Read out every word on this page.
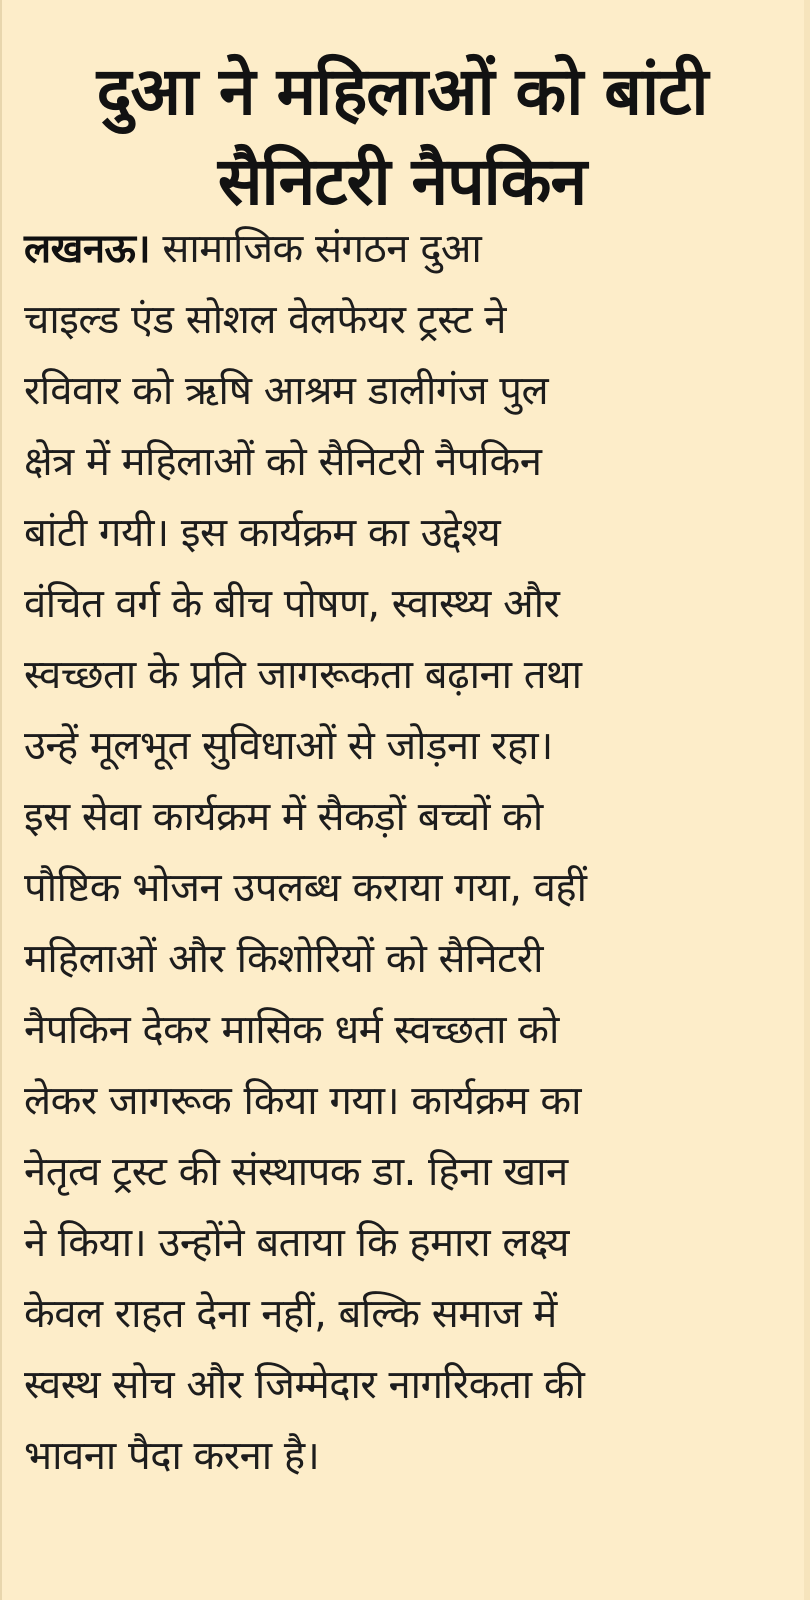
दुआ ने महिलाओं को बांटी
सैनिटरी नैपकिन
लखनऊ। सामाजिक संगठन दुआ
चाइल्ड एंड सोशल वेलफेयर ट्रस्ट ने
रविवार को ऋषि आश्रम डालीगंज पुल
क्षेत्र में महिलाओं को सैनिटरी नैपकिन
बांटी गयी। इस कार्यक्रम का उद्देश्य
वंचित वर्ग के बीच पोषण, स्वास्थ्य और
स्वच्छता के प्रति जागरूकता बढ़ाना तथा
उन्हें मूलभूत सुविधाओं से जोड़ना रहा।
इस सेवा कार्यक्रम में सैकड़ों बच्चों को
पौष्टिक भोजन उपलब्ध कराया गया, वहीं
महिलाओं और किशोरियों को सैनिटरी
नैपकिन देकर मासिक धर्म स्वच्छता को
लेकर जागरूक किया गया। कार्यक्रम का
नेतृत्व ट्रस्ट की संस्थापक डा. हिना खान
ने किया। उन्होंने बताया कि हमारा लक्ष्य
केवल राहत देना नहीं, बल्कि समाज में
स्वस्थ सोच और जिम्मेदार नागरिकता की
भावना पैदा करना है।
